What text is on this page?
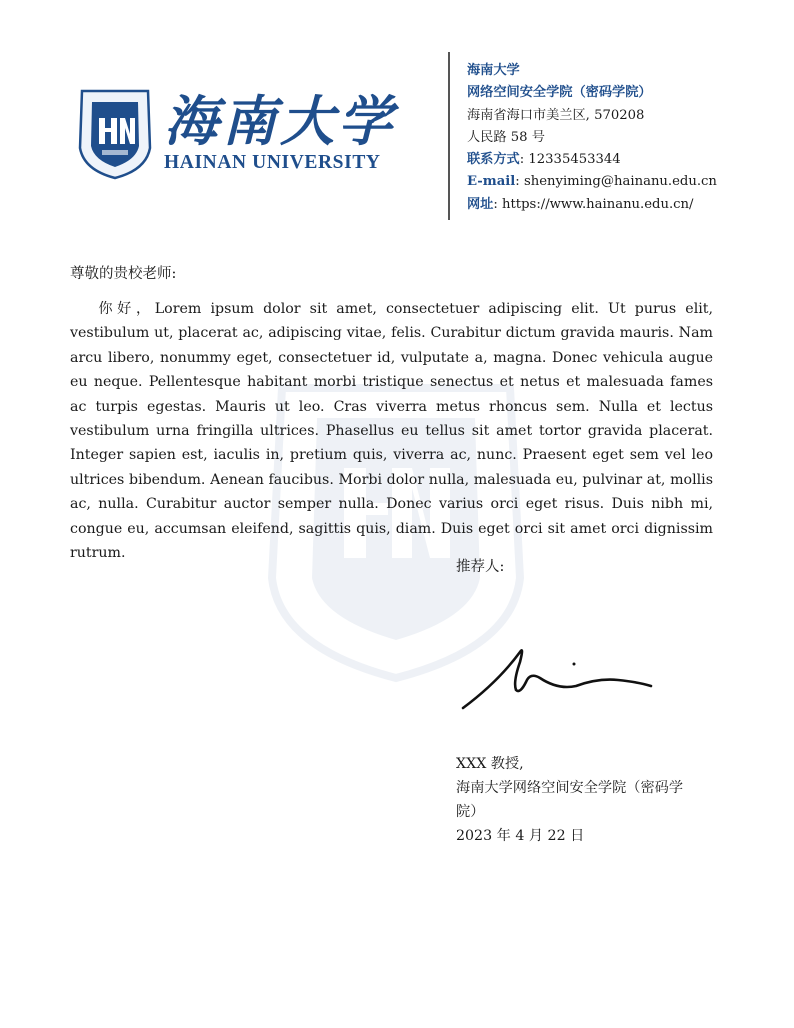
海南大学
HAINAN UNIVERSITY
海南大学
网络空间安全学院（密码学院）
海南省海口市美兰区, 570208
人民路 58 号
联系方式: 12335453344
E-mail: shenyiming@hainanu.edu.cn
网址: https://www.hainanu.edu.cn/
尊敬的贵校老师:
你好，Lorem ipsum dolor sit amet, consectetuer adipiscing elit. Ut purus elit, vestibulum ut, placerat ac, adipiscing vitae, felis. Curabitur dictum gravida mauris. Nam arcu libero, nonummy eget, consectetuer id, vulputate a, magna. Donec vehicula augue eu neque. Pellentesque habitant morbi tristique senectus et netus et malesuada fames ac turpis egestas. Mauris ut leo. Cras viverra metus rhoncus sem. Nulla et lectus vestibulum urna fringilla ultrices. Phasellus eu tellus sit amet tortor gravida placerat. Integer sapien est, iaculis in, pretium quis, viverra ac, nunc. Praesent eget sem vel leo ultrices bibendum. Aenean faucibus. Morbi dolor nulla, malesuada eu, pulvinar at, mollis ac, nulla. Curabitur auctor semper nulla. Donec varius orci eget risus. Duis nibh mi, congue eu, accumsan eleifend, sagittis quis, diam. Duis eget orci sit amet orci dignissim rutrum.
推荐人:
XXX 教授,
海南大学网络空间安全学院（密码学院）
2023 年 4 月 22 日
